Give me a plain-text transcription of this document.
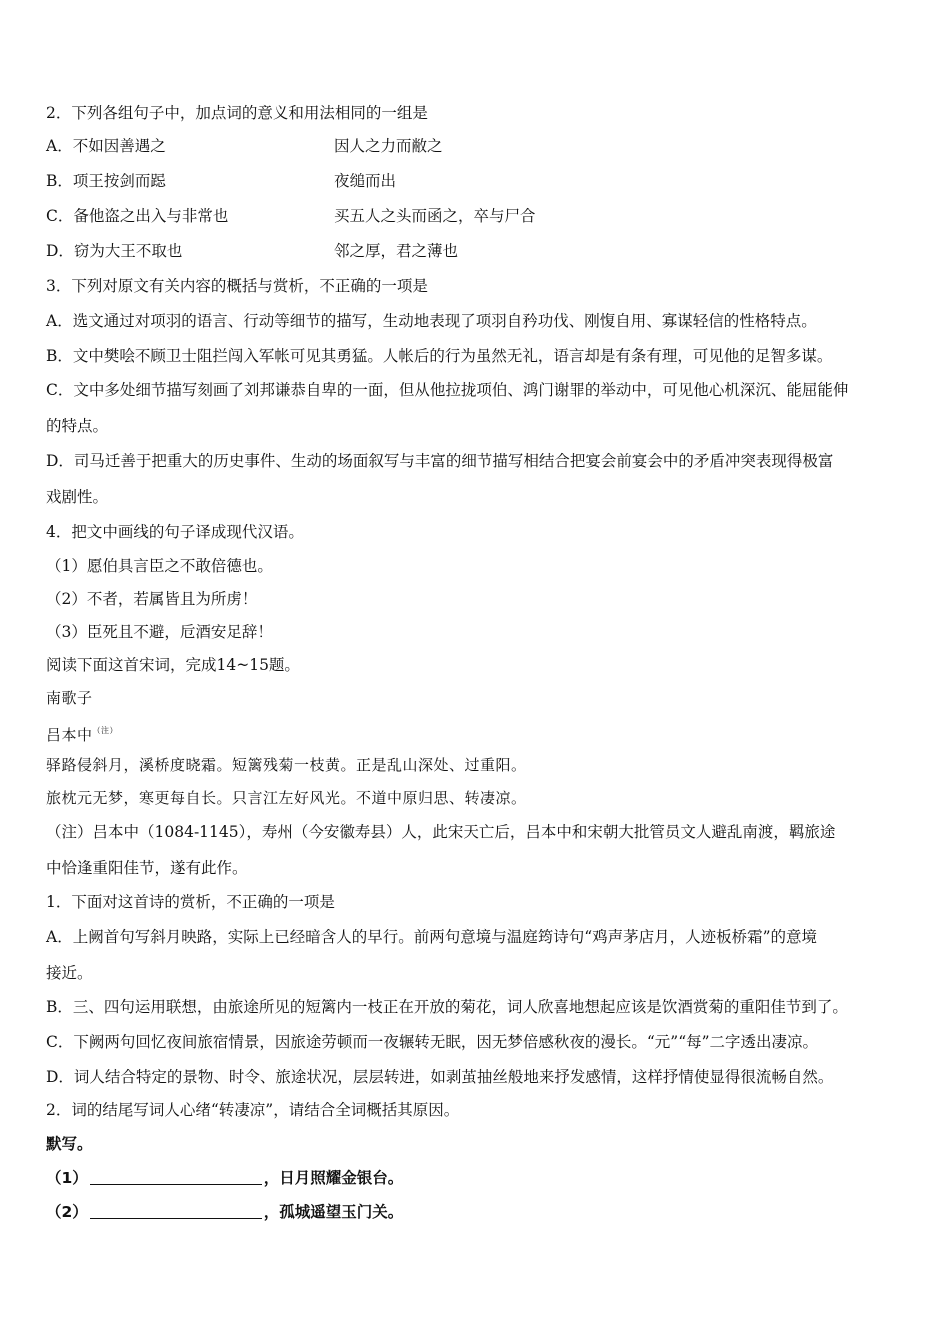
2．下列各组句子中，加点词的意义和用法相同的一组是
A．不如因善遇之	因人之力而敝之
B．项王按剑而跽	夜缒而出
C．备他盗之出入与非常也	买五人之头而函之，卒与尸合
D．窃为大王不取也	邻之厚，君之薄也
3．下列对原文有关内容的概括与赏析，不正确的一项是
A．选文通过对项羽的语言、行动等细节的描写，生动地表现了项羽自矜功伐、刚愎自用、寡谋轻信的性格特点。
B．文中樊哙不顾卫士阻拦闯入军帐可见其勇猛。人帐后的行为虽然无礼，语言却是有条有理，可见他的足智多谋。
C．文中多处细节描写刻画了刘邦谦恭自卑的一面，但从他拉拢项伯、鸿门谢罪的举动中，可见他心机深沉、能屈能伸
的特点。
D．司马迁善于把重大的历史事件、生动的场面叙写与丰富的细节描写相结合把宴会前宴会中的矛盾冲突表现得极富
戏剧性。
4．把文中画线的句子译成现代汉语。
（1）愿伯具言臣之不敢倍德也。
（2）不者，若属皆且为所虏！
（3）臣死且不避，卮酒安足辞！
阅读下面这首宋词，完成14~15题。
南歌子
吕本中$^{(注)}$
驿路侵斜月，溪桥度晓霜。短篱残菊一枝黄。正是乱山深处、过重阳。
旅枕元无梦，寒更每自长。只言江左好风光。不道中原归思、转凄凉。
（注）吕本中（1084-1145），寿州（今安徽寿县）人，此宋天亡后，吕本中和宋朝大批管员文人避乱南渡，羁旅途
中恰逢重阳佳节，遂有此作。
1．下面对这首诗的赏析，不正确的一项是
A．上阙首句写斜月映路，实际上已经暗含人的早行。前两句意境与温庭筠诗句“鸡声茅店月，人迹板桥霜”的意境
接近。
B．三、四句运用联想，由旅途所见的短篱内一枝正在开放的菊花，词人欣喜地想起应该是饮酒赏菊的重阳佳节到了。
C．下阙两句回忆夜间旅宿情景，因旅途劳顿而一夜辗转无眠，因无梦倍感秋夜的漫长。“元”“每”二字透出凄凉。
D．词人结合特定的景物、时令、旅途状况，层层转进，如剥茧抽丝般地来抒发感情，这样抒情使显得很流畅自然。
2．词的结尾写词人心绪“转凄凉”，请结合全词概括其原因。
默写。
（1）	，日月照耀金银台。
（2）	，孤城遥望玉门关。
